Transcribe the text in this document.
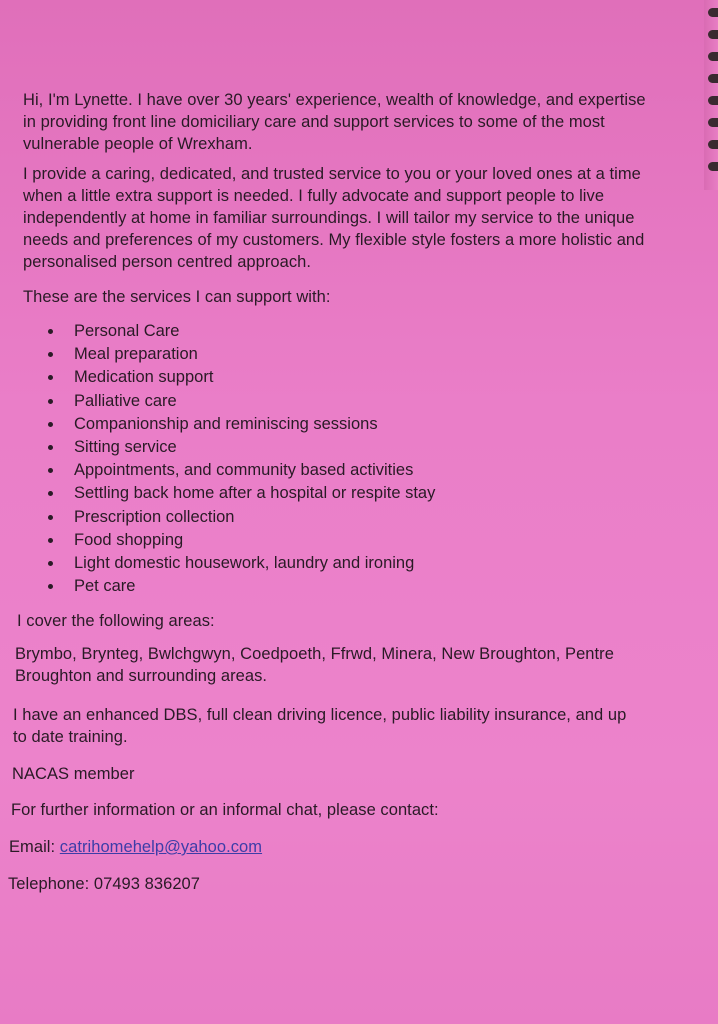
Hi, I'm Lynette. I have over 30 years' experience, wealth of knowledge, and expertise
in providing front line domiciliary care and support services to some of the most
vulnerable people of Wrexham.
I provide a caring, dedicated, and trusted service to you or your loved ones at a time
when a little extra support is needed. I fully advocate and support people to live
independently at home in familiar surroundings. I will tailor my service to the unique
needs and preferences of my customers. My flexible style fosters a more holistic and
personalised person centred approach.
These are the services I can support with:
Personal Care
Meal preparation
Medication support
Palliative care
Companionship and reminiscing sessions
Sitting service
Appointments, and community based activities
Settling back home after a hospital or respite stay
Prescription collection
Food shopping
Light domestic housework, laundry and ironing
Pet care
I cover the following areas:
Brymbo, Brynteg, Bwlchgwyn, Coedpoeth, Ffrwd, Minera, New Broughton, Pentre
Broughton and surrounding areas.
I have an enhanced DBS, full clean driving licence, public liability insurance, and up
to date training.
NACAS member
For further information or an informal chat, please contact:
Email: catrihomehelp@yahoo.com
Telephone: 07493 836207
